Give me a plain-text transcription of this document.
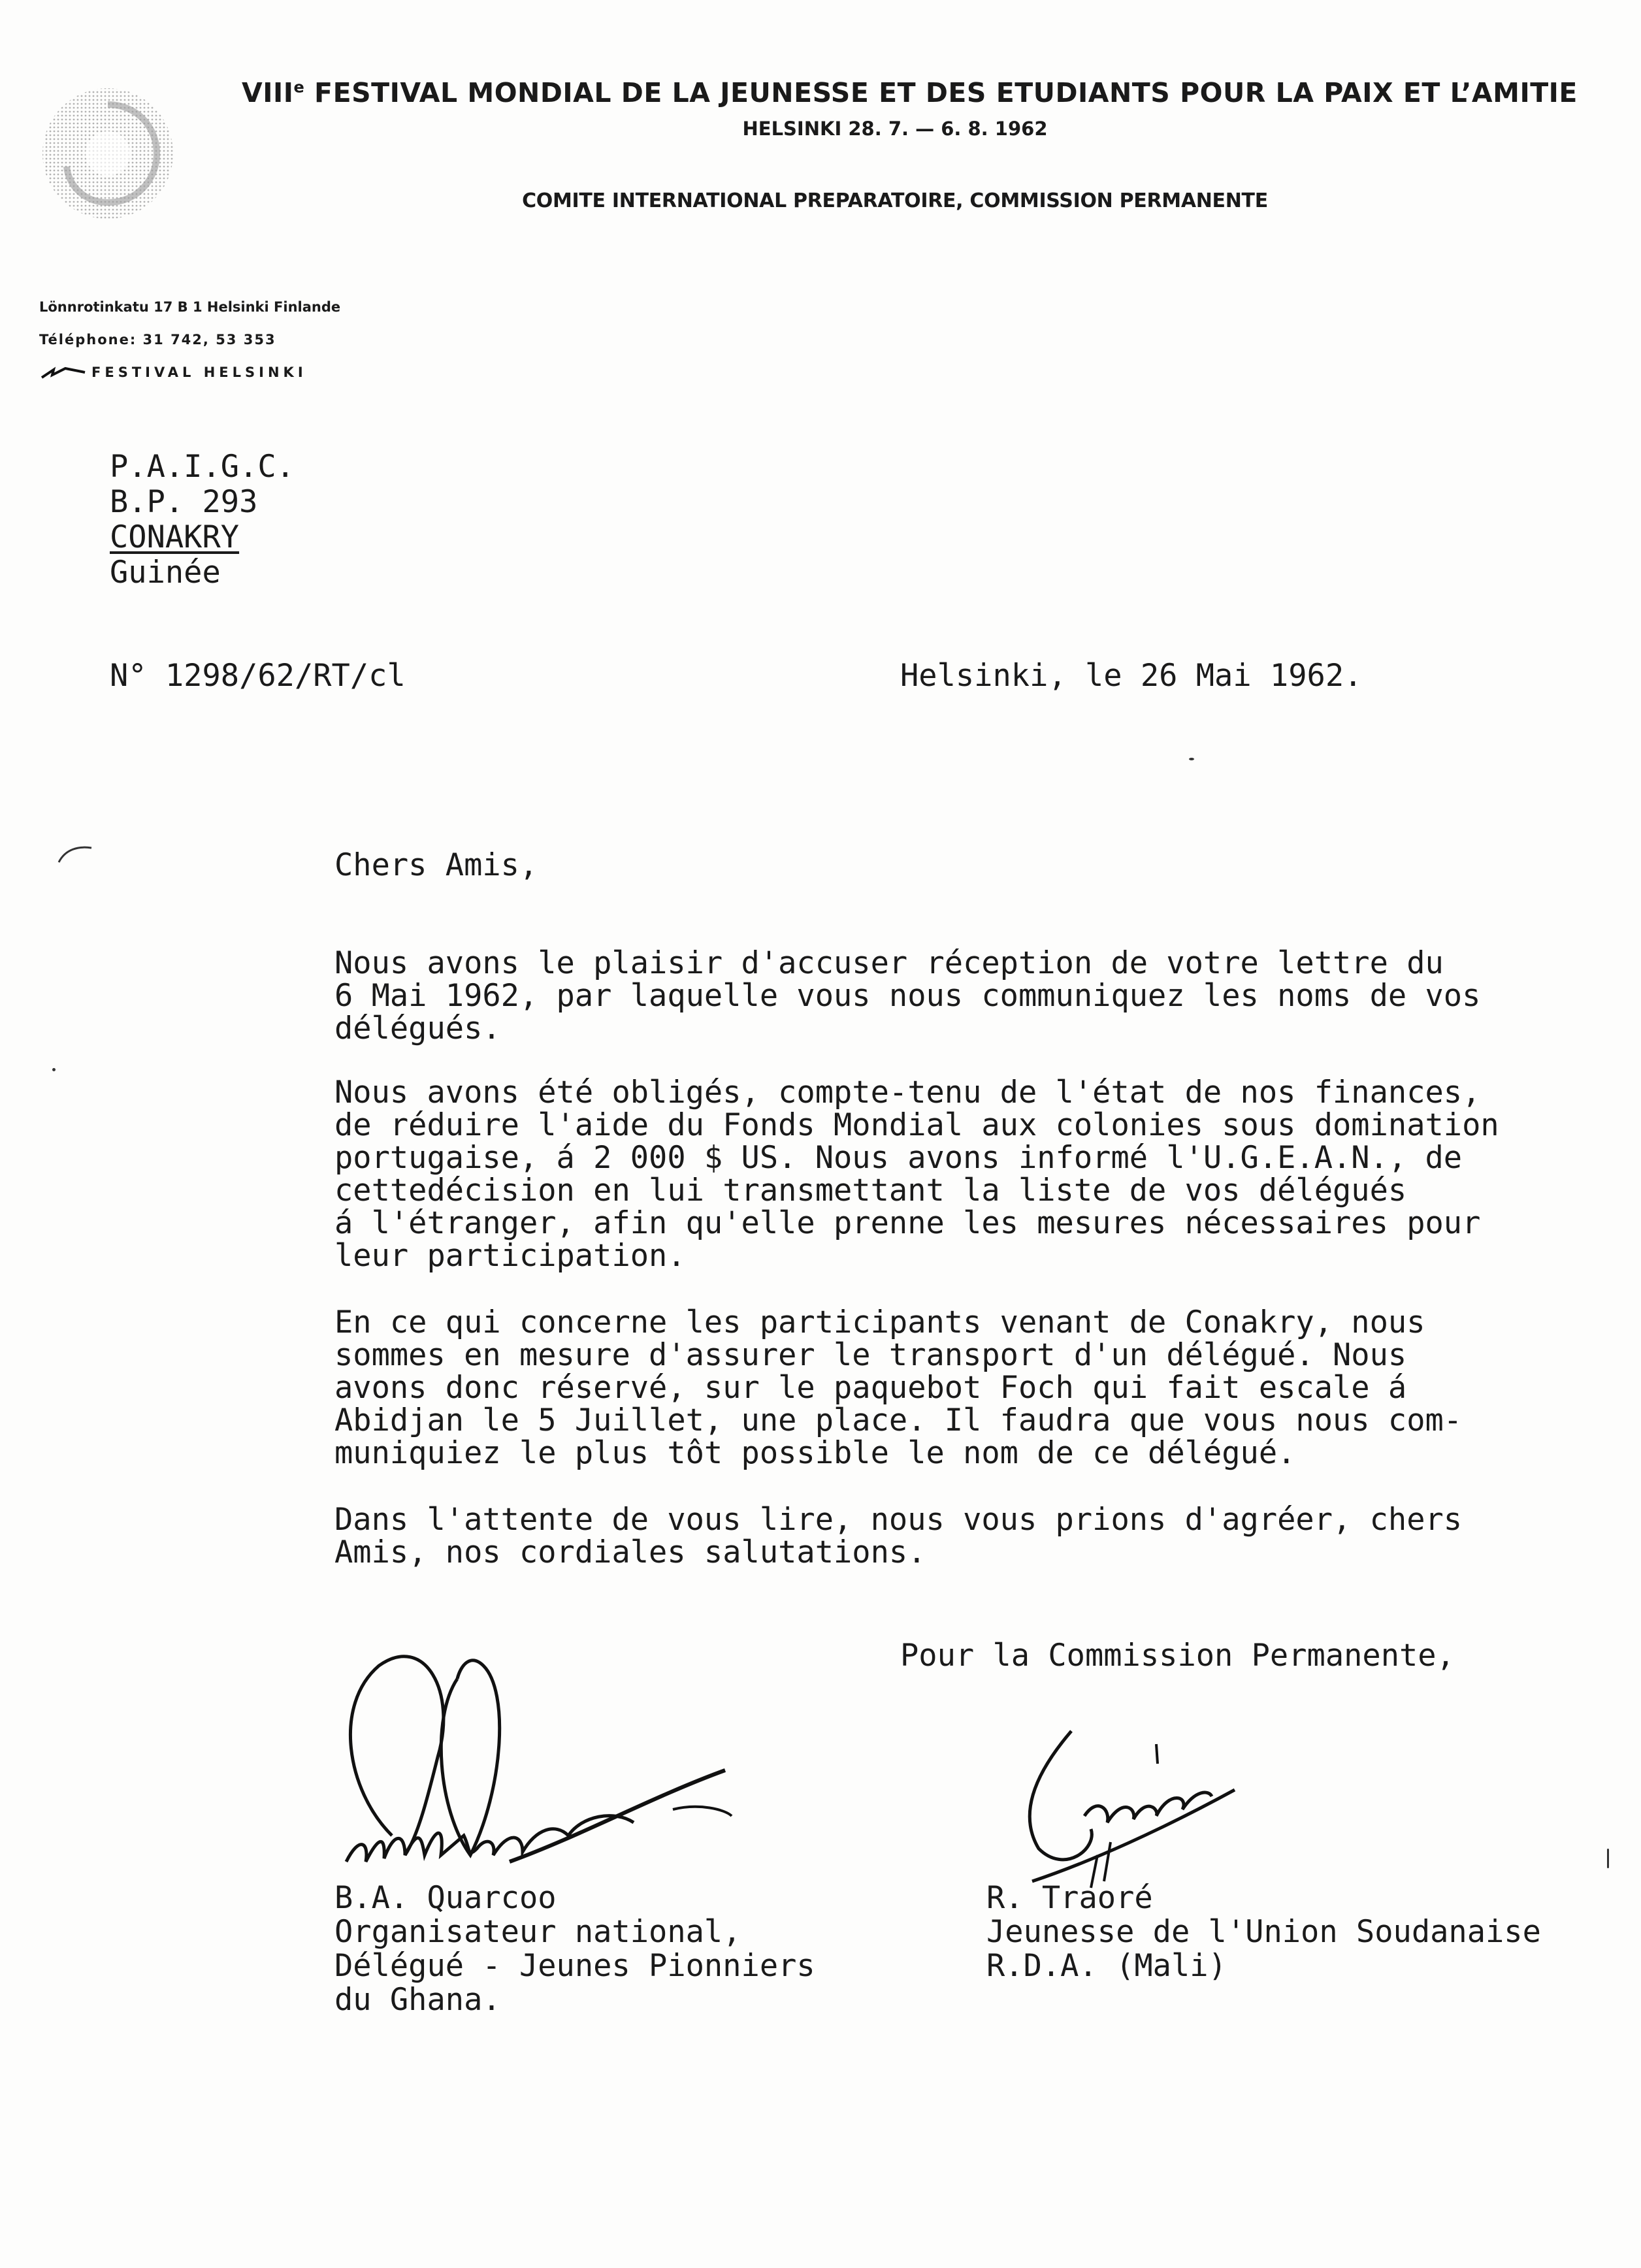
VIIIe FESTIVAL MONDIAL DE LA JEUNESSE ET DES ETUDIANTS POUR LA PAIX ET L’AMITIE
HELSINKI 28. 7. — 6. 8. 1962
COMITE INTERNATIONAL PREPARATOIRE, COMMISSION PERMANENTE
Lönnrotinkatu 17 B 1 Helsinki Finlande
Téléphone: 31 742, 53 353
FESTIVAL HELSINKI
P.A.I.G.C.
B.P. 293
CONAKRY
Guinée
N° 1298/62/RT/cl	Helsinki, le 26 Mai 1962.
Chers Amis,
Nous avons le plaisir d'accuser réception de votre lettre du
6 Mai 1962, par laquelle vous nous communiquez les noms de vos
délégués.
Nous avons été obligés, compte-tenu de l'état de nos finances,
de réduire l'aide du Fonds Mondial aux colonies sous domination
portugaise, á 2 000 $ US. Nous avons informé l'U.G.E.A.N., de
cettedécision en lui transmettant la liste de vos délégués
á l'étranger, afin qu'elle prenne les mesures nécessaires pour
leur participation.
En ce qui concerne les participants venant de Conakry, nous
sommes en mesure d'assurer le transport d'un délégué. Nous
avons donc réservé, sur le paquebot Foch qui fait escale á
Abidjan le 5 Juillet, une place. Il faudra que vous nous com-
muniquiez le plus tôt possible le nom de ce délégué.
Dans l'attente de vous lire, nous vous prions d'agréer, chers
Amis, nos cordiales salutations.
Pour la Commission Permanente,
B.A. Quarcoo
Organisateur national,
Délégué - Jeunes Pionniers
du Ghana.
R. Traoré
Jeunesse de l'Union Soudanaise
R.D.A. (Mali)
